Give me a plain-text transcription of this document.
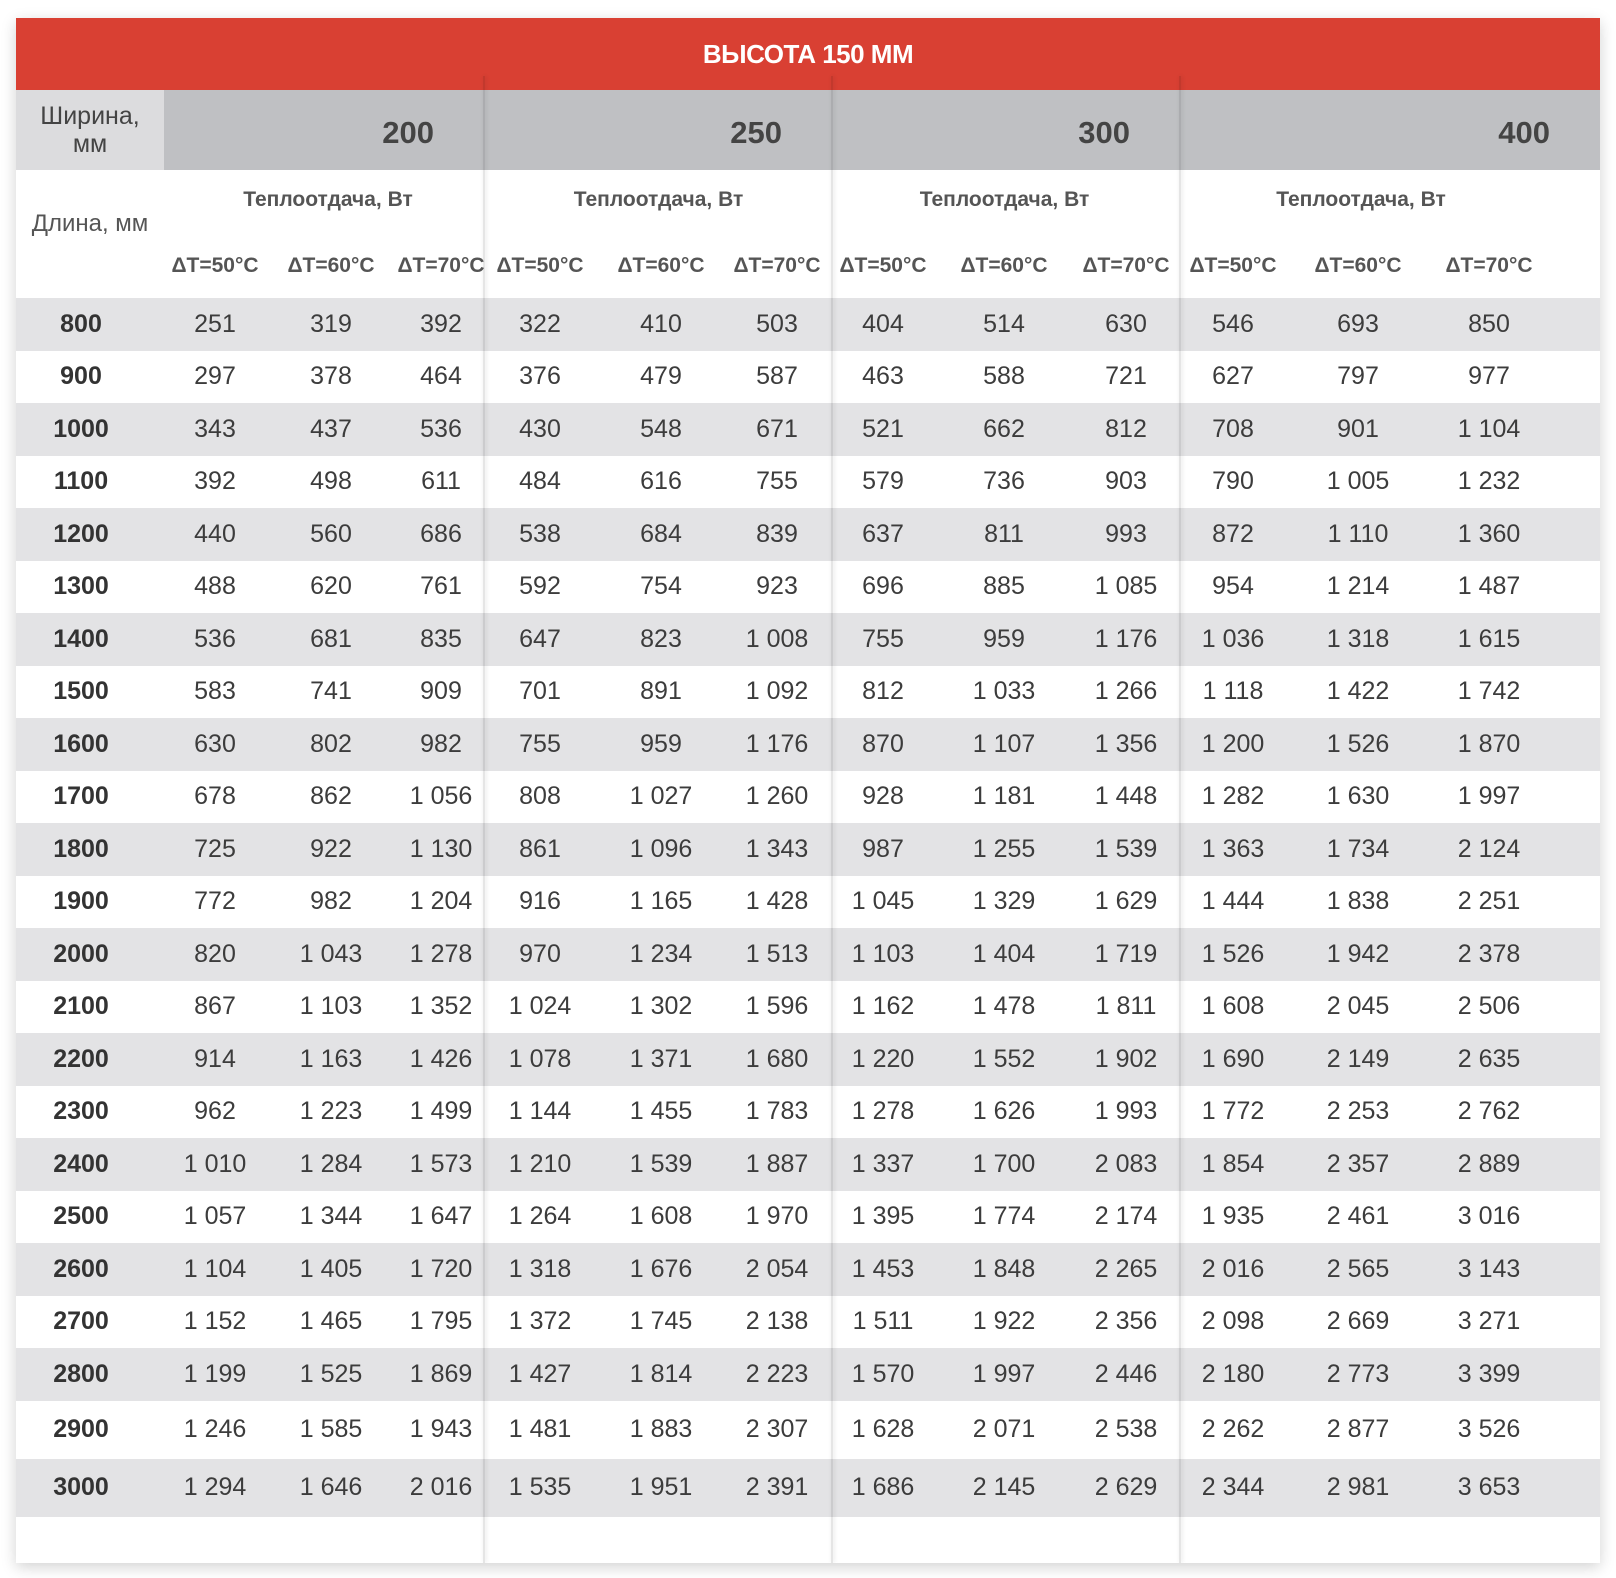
ВЫСОТА 150 ММ
Ширина,
мм	200	250	300	400
Длина, мм
Теплоотдача, Вт
ΔT=50°C	ΔT=60°C	ΔT=70°C
Теплоотдача, Вт
ΔT=50°C	ΔT=60°C	ΔT=70°C
Теплоотдача, Вт
ΔT=50°C	ΔT=60°C	ΔT=70°C
Теплоотдача, Вт
ΔT=50°C	ΔT=60°C	ΔT=70°C
800	251	319	392	322	410	503	404	514	630	546	693	850
900	297	378	464	376	479	587	463	588	721	627	797	977
1000	343	437	536	430	548	671	521	662	812	708	901	1 104
1100	392	498	611	484	616	755	579	736	903	790	1 005	1 232
1200	440	560	686	538	684	839	637	811	993	872	1 110	1 360
1300	488	620	761	592	754	923	696	885	1 085	954	1 214	1 487
1400	536	681	835	647	823	1 008	755	959	1 176	1 036	1 318	1 615
1500	583	741	909	701	891	1 092	812	1 033	1 266	1 118	1 422	1 742
1600	630	802	982	755	959	1 176	870	1 107	1 356	1 200	1 526	1 870
1700	678	862	1 056	808	1 027	1 260	928	1 181	1 448	1 282	1 630	1 997
1800	725	922	1 130	861	1 096	1 343	987	1 255	1 539	1 363	1 734	2 124
1900	772	982	1 204	916	1 165	1 428	1 045	1 329	1 629	1 444	1 838	2 251
2000	820	1 043	1 278	970	1 234	1 513	1 103	1 404	1 719	1 526	1 942	2 378
2100	867	1 103	1 352	1 024	1 302	1 596	1 162	1 478	1 811	1 608	2 045	2 506
2200	914	1 163	1 426	1 078	1 371	1 680	1 220	1 552	1 902	1 690	2 149	2 635
2300	962	1 223	1 499	1 144	1 455	1 783	1 278	1 626	1 993	1 772	2 253	2 762
2400	1 010	1 284	1 573	1 210	1 539	1 887	1 337	1 700	2 083	1 854	2 357	2 889
2500	1 057	1 344	1 647	1 264	1 608	1 970	1 395	1 774	2 174	1 935	2 461	3 016
2600	1 104	1 405	1 720	1 318	1 676	2 054	1 453	1 848	2 265	2 016	2 565	3 143
2700	1 152	1 465	1 795	1 372	1 745	2 138	1 511	1 922	2 356	2 098	2 669	3 271
2800	1 199	1 525	1 869	1 427	1 814	2 223	1 570	1 997	2 446	2 180	2 773	3 399
2900	1 246	1 585	1 943	1 481	1 883	2 307	1 628	2 071	2 538	2 262	2 877	3 526
3000	1 294	1 646	2 016	1 535	1 951	2 391	1 686	2 145	2 629	2 344	2 981	3 653
